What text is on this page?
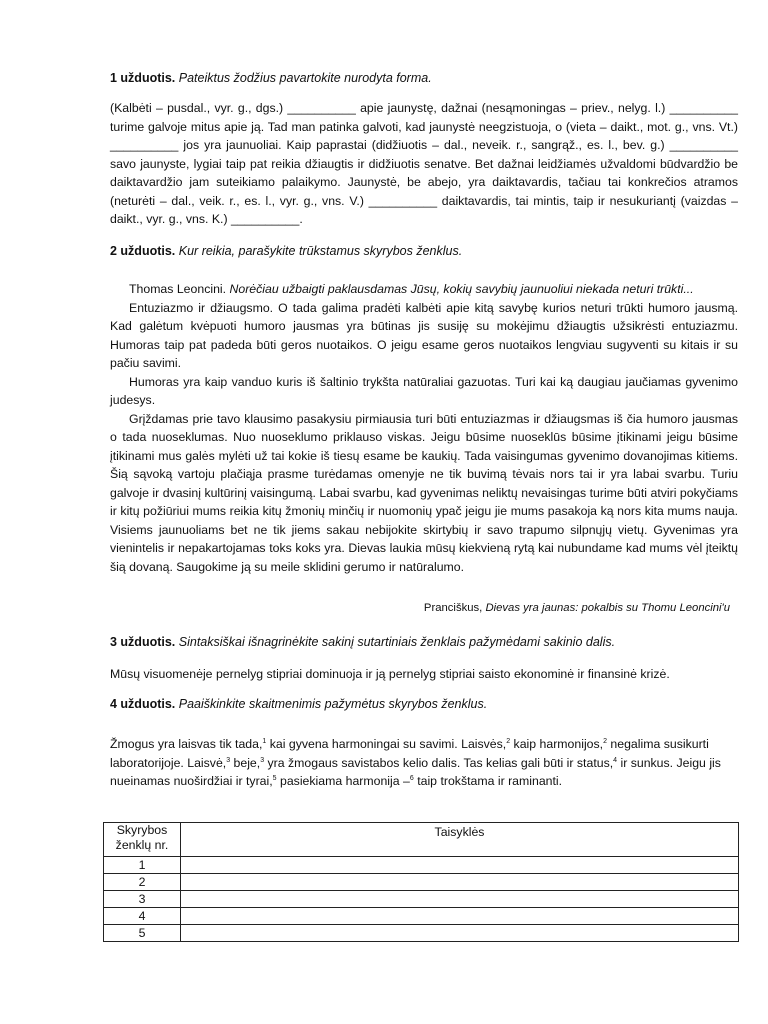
1 užduotis. Pateiktus žodžius pavartokite nurodyta forma.

(Kalbėti – pusdal., vyr. g., dgs.) __________ apie jaunystę, dažnai (nesąmoningas – priev., nelyg. l.) __________ turime galvoje mitus apie ją. Tad man patinka galvoti, kad jaunystė neegzistuoja, o (vieta – daikt., mot. g., vns. Vt.) __________ jos yra jaunuoliai. Kaip paprastai (didžiuotis – dal., neveik. r., sangrąž., es. l., bev. g.) __________ savo jaunyste, lygiai taip pat reikia džiaugtis ir didžiuotis senatve. Bet dažnai leidžiamės užvaldomi būdvardžio be daiktavardžio jam suteikiamo palaikymo. Jaunystė, be abejo, yra daiktavardis, tačiau tai konkrečios atramos (neturėti – dal., veik. r., es. l., vyr. g., vns. V.) __________ daiktavardis, tai mintis, taip ir nesukuriantį (vaizdas – daikt., vyr. g., vns. K.) __________.

2 užduotis. Kur reikia, parašykite trūkstamus skyrybos ženklus.

Thomas Leoncini. Norėčiau užbaigti paklausdamas Jūsų, kokių savybių jaunuoliui niekada neturi trūkti...
Entuziazmo ir džiaugsmo. O tada galima pradėti kalbėti apie kitą savybę kurios neturi trūkti humoro jausmą. Kad galėtum kvėpuoti humoro jausmas yra būtinas jis susiję su mokėjimu džiaugtis užsikrėsti entuziazmu. Humoras taip pat padeda būti geros nuotaikos. O jeigu esame geros nuotaikos lengviau sugyventi su kitais ir su pačiu savimi.
Humoras yra kaip vanduo kuris iš šaltinio trykšta natūraliai gazuotas. Turi kai ką daugiau jaučiamas gyvenimo judesys.
Grįždamas prie tavo klausimo pasakysiu pirmiausia turi būti entuziazmas ir džiaugsmas iš čia humoro jausmas o tada nuoseklumas. Nuo nuoseklumo priklauso viskas. Jeigu būsime nuoseklūs būsime įtikinami jeigu būsime įtikinami mus galės mylėti už tai kokie iš tiesų esame be kaukių. Tada vaisingumas gyvenimo dovanojimas kitiems. Šią sąvoką vartoju plačiąja prasme turėdamas omenyje ne tik buvimą tėvais nors tai ir yra labai svarbu. Turiu galvoje ir dvasinį kultūrinį vaisingumą. Labai svarbu, kad gyvenimas neliktų nevaisingas turime būti atviri pokyčiams ir kitų požiūriui mums reikia kitų žmonių minčių ir nuomonių ypač jeigu jie mums pasakoja ką nors kita mums nauja. Visiems jaunuoliams bet ne tik jiems sakau nebijokite skirtybių ir savo trapumo silpnųjų vietų. Gyvenimas yra vienintelis ir nepakartojamas toks koks yra. Dievas laukia mūsų kiekvieną rytą kai nubundame kad mums vėl įteiktų šią dovaną. Saugokime ją su meile sklidini gerumo ir natūralumo.
Pranciškus, Dievas yra jaunas: pokalbis su Thomu Leoncini'u

3 užduotis. Sintaksiškai išnagrinėkite sakinį sutartiniais ženklais pažymėdami sakinio dalis.

Mūsų visuomenėje pernelyg stipriai dominuoja ir ją pernelyg stipriai saisto ekonominė ir finansinė krizė.

4 užduotis. Paaiškinkite skaitmenimis pažymėtus skyrybos ženklus.

Žmogus yra laisvas tik tada,$^1$ kai gyvena harmoningai su savimi. Laisvės,$^2$ kaip harmonijos,$^2$ negalima susikurti laboratorijoje. Laisvė,$^3$ beje,$^3$ yra žmogaus savistabos kelio dalis. Tas kelias gali būti ir status,$^4$ ir sunkus. Jeigu jis nueinamas nuoširdžiai ir tyrai,$^5$ pasiekiama harmonija –$^6$ taip trokštama ir raminanti.

Skyrybos ženklų nr.	Taisyklės
1	
2	
3	
4	
5	
